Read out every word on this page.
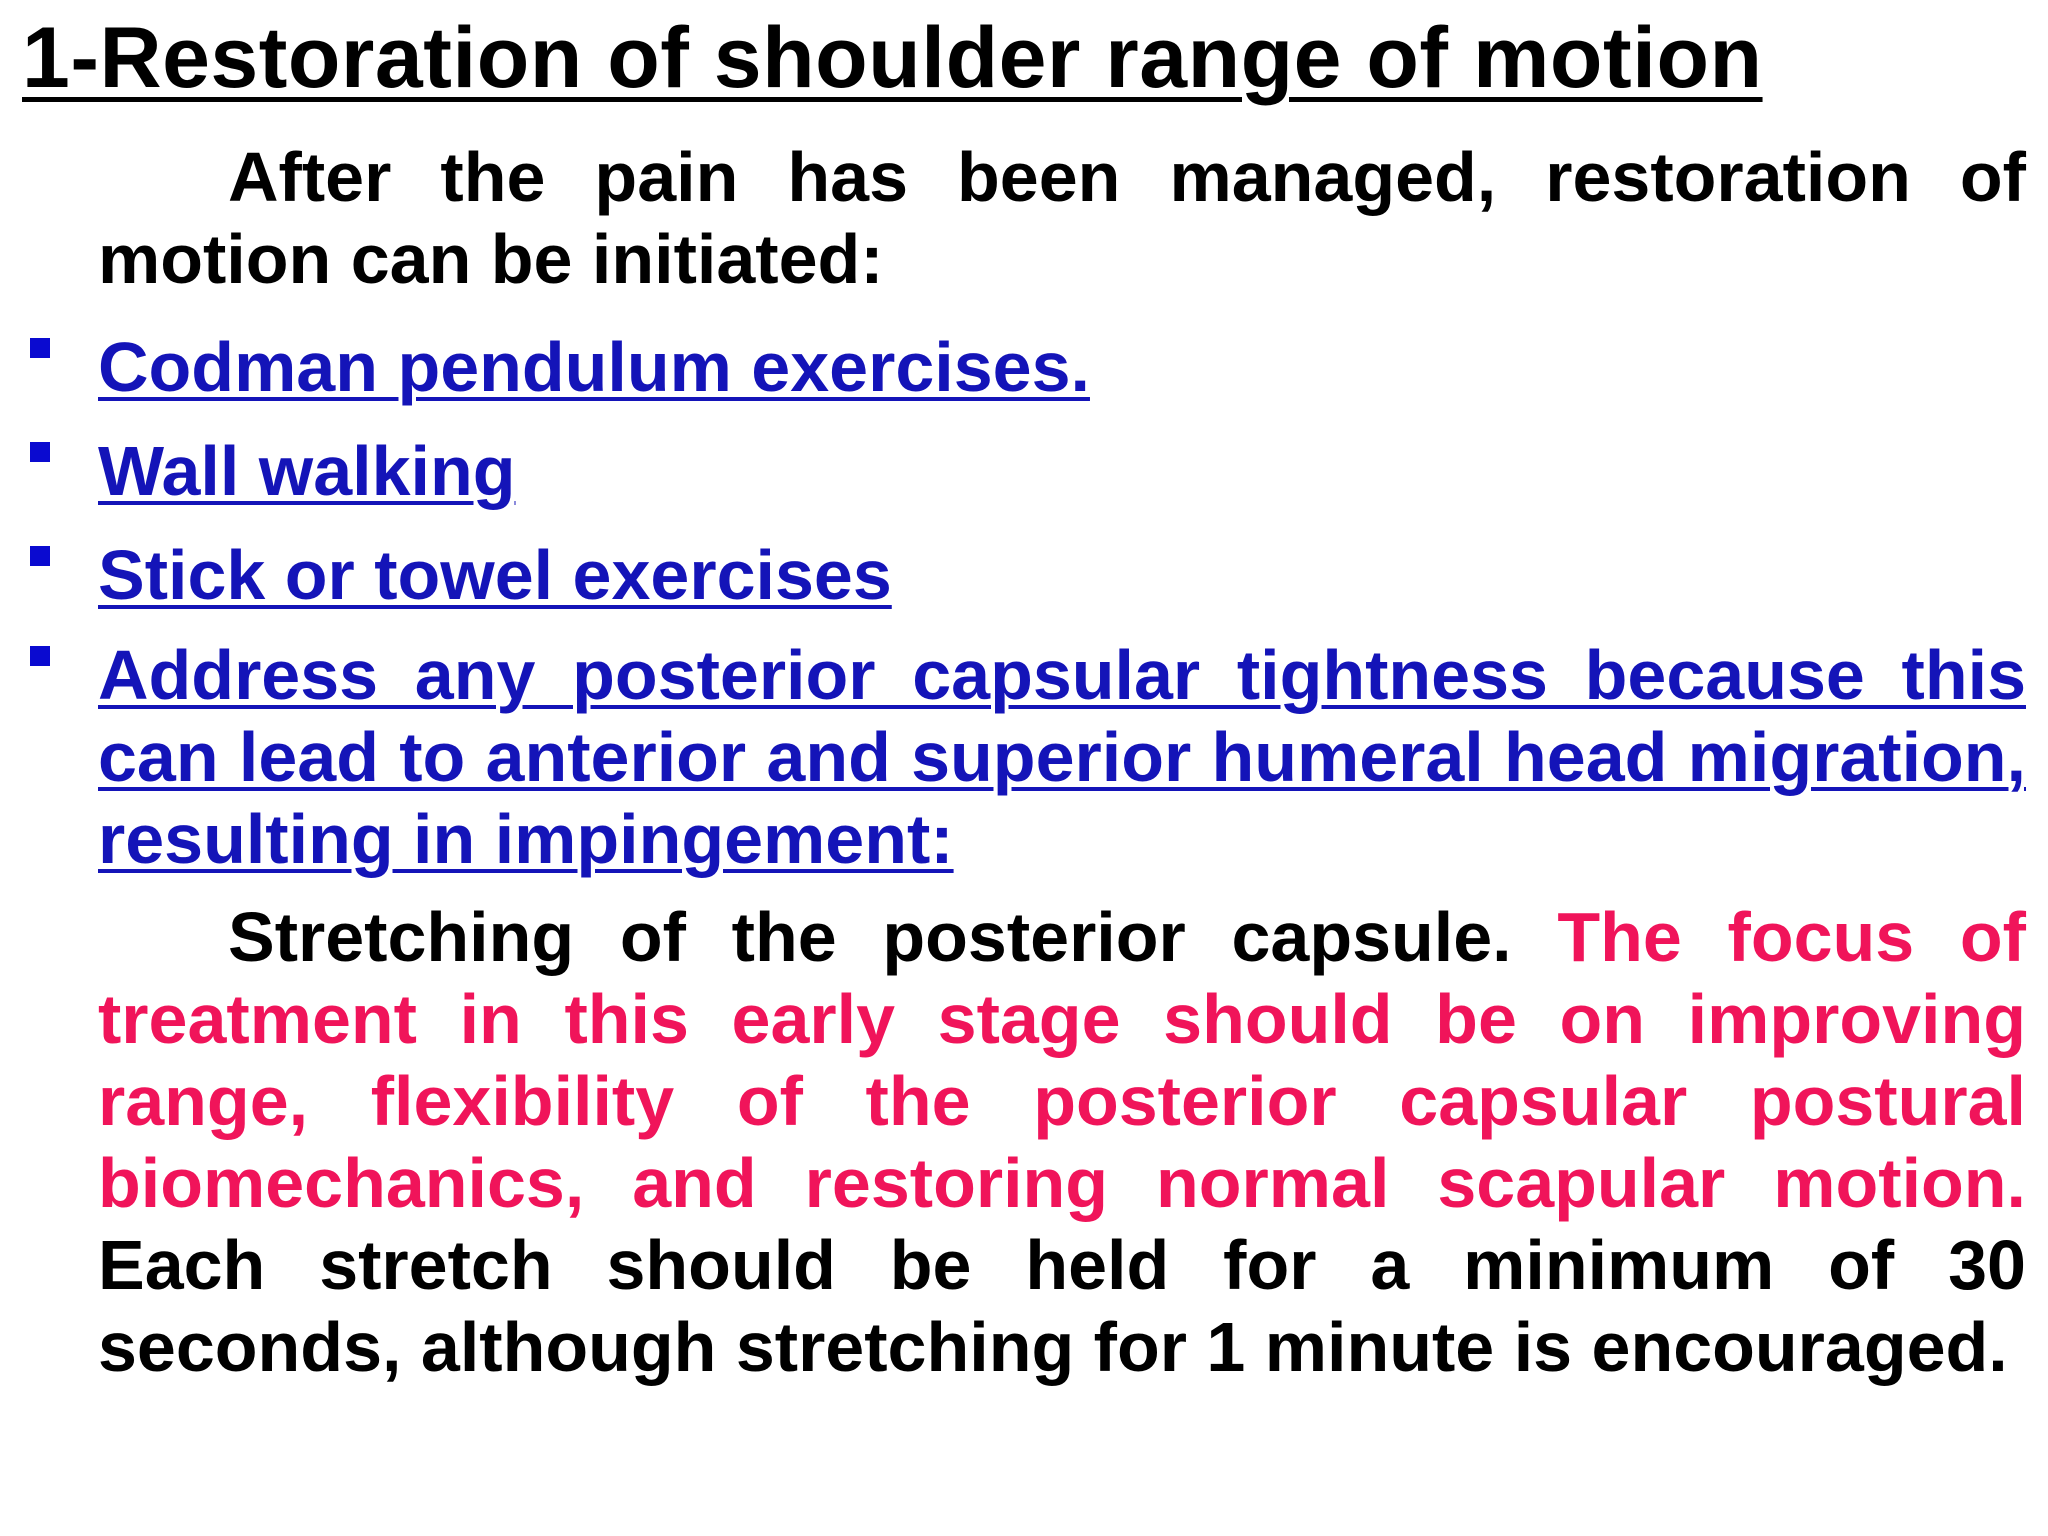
1-Restoration of shoulder range of motion

After the pain has been managed, restoration of motion can be initiated:

Codman pendulum exercises.

Wall walking

Stick or towel exercises

Address any posterior capsular tightness because this can lead to anterior and superior humeral head migration, resulting in impingement:

Stretching of the posterior capsule. The focus of treatment in this early stage should be on improving range, flexibility of the posterior capsular postural biomechanics, and restoring normal scapular motion. Each stretch should be held for a minimum of 30 seconds, although stretching for 1 minute is encouraged.
